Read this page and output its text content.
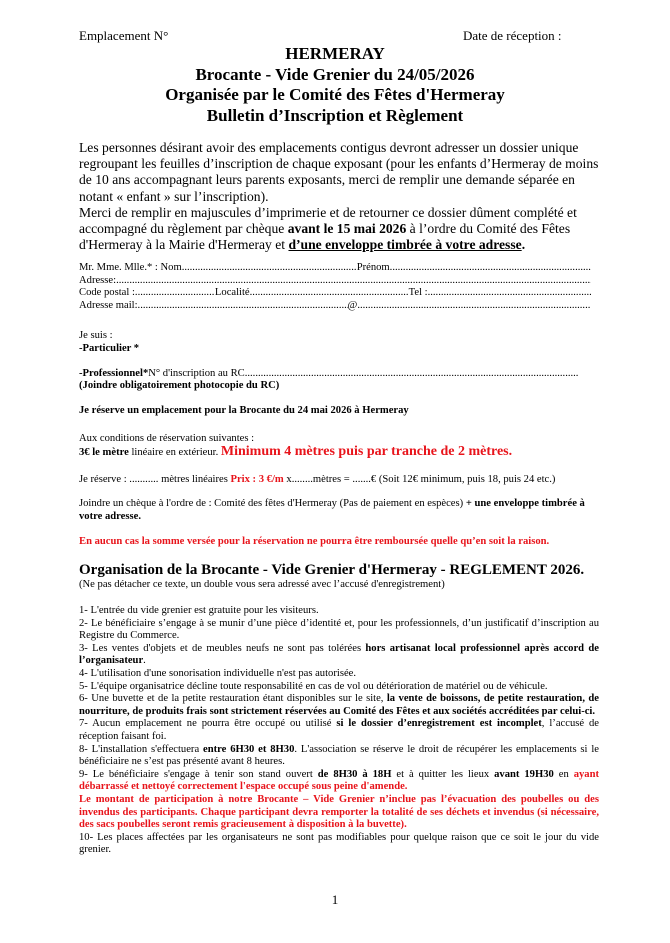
Emplacement N°	Date de réception :
HERMERAY
Brocante - Vide Grenier du 24/05/2026
Organisée par le Comité des Fêtes d'Hermeray
Bulletin d’Inscription et Règlement

Les personnes désirant avoir des emplacements contigus devront adresser un dossier unique regroupant les feuilles d’inscription de chaque exposant (pour les enfants d’Hermeray de moins de 10 ans accompagnant leurs parents exposants, merci de remplir une demande séparée en notant « enfant » sur l’inscription).

Merci de remplir en majuscules d’imprimerie et de retourner ce dossier dûment complété et accompagné du règlement par chèque avant le 15 mai 2026 à l’ordre du Comité des Fêtes d'Hermeray à la Mairie d'Hermeray et d’une enveloppe timbrée à votre adresse.

Mr. Mme. Mlle.* : Nom .....	Prénom
.....
Adresse:
.....
Code postal : .....	Localité .....	Tel :
.....
Adresse mail: .....	@
.....
Je suis :
-Particulier *
-Professionnel* N° d'inscription au RC
.....
(Joindre obligatoirement photocopie du RC)
Je réserve un emplacement pour la Brocante du 24 mai 2026 à Hermeray
Aux conditions de réservation suivantes :
3€ le mètre linéaire en extérieur. Minimum 4 mètres puis par tranche de 2 mètres.
Je réserve : ........... mètres linéaires Prix : 3 €/m x........mètres = .......€ (Soit 12€ minimum, puis 18, puis 24 etc.)
Joindre un chèque à l'ordre de : Comité des fêtes d'Hermeray (Pas de paiement en espèces) + une enveloppe timbrée à votre adresse.
En aucun cas la somme versée pour la réservation ne pourra être remboursée quelle qu’en soit la raison.
Organisation de la Brocante - Vide Grenier d'Hermeray - REGLEMENT 2026.
(Ne pas détacher ce texte, un double vous sera adressé avec l’accusé d'enregistrement)

1- L'entrée du vide grenier est gratuite pour les visiteurs.

2- Le bénéficiaire s’engage à se munir d’une pièce d’identité et, pour les professionnels, d’un justificatif d’inscription au Registre du Commerce.

3- Les ventes d'objets et de meubles neufs ne sont pas tolérées hors artisanat local professionnel après accord de l’organisateur.

4- L'utilisation d'une sonorisation individuelle n'est pas autorisée.

5- L'équipe organisatrice décline toute responsabilité en cas de vol ou détérioration de matériel ou de véhicule.

6- Une buvette et de la petite restauration étant disponibles sur le site, la vente de boissons, de petite restauration, de nourriture, de produits frais sont strictement réservées au Comité des Fêtes et aux sociétés accréditées par celui-ci.

7- Aucun emplacement ne pourra être occupé ou utilisé si le dossier d’enregistrement est incomplet, l’accusé de réception faisant foi.

8- L'installation s'effectuera entre 6H30 et 8H30. L'association se réserve le droit de récupérer les emplacements si le bénéficiaire ne s’est pas présenté avant 8 heures.

9- Le bénéficiaire s'engage à tenir son stand ouvert de 8H30 à 18H et à quitter les lieux avant 19H30 en ayant débarrassé et nettoyé correctement l'espace occupé sous peine d'amende.

Le montant de participation à notre Brocante – Vide Grenier n’inclue pas l’évacuation des poubelles ou des invendus des participants. Chaque participant devra remporter la totalité de ses déchets et invendus (si nécessaire, des sacs poubelles seront remis gracieusement à disposition à la buvette).

10- Les places affectées par les organisateurs ne sont pas modifiables pour quelque raison que ce soit le jour du vide grenier.

1
